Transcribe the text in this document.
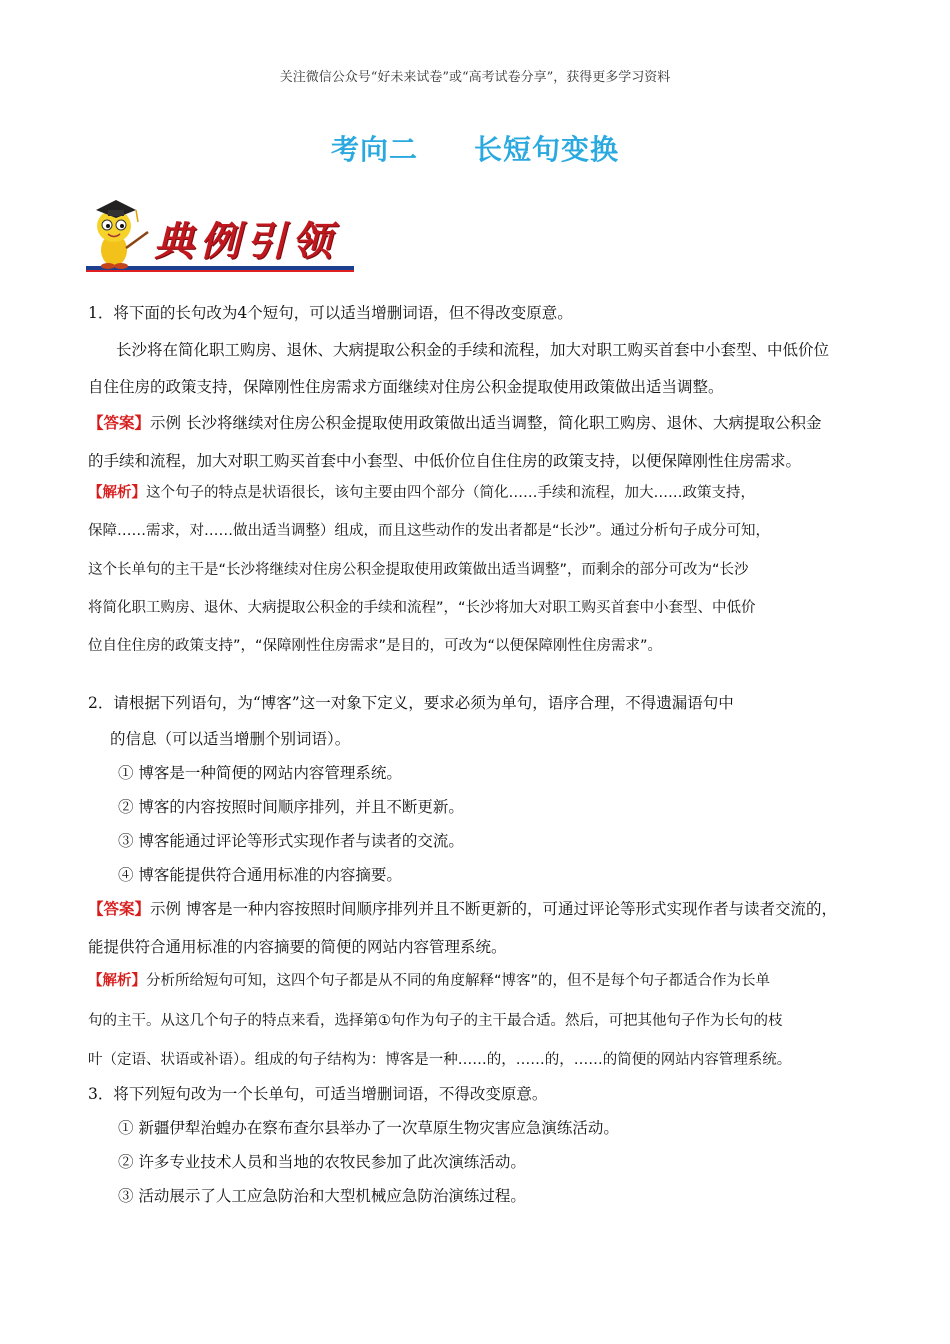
关注微信公众号“好未来试卷”或“高考试卷分享”，获得更多学习资料
考向二 长短句变换
典例引领
1．将下面的长句改为4个短句，可以适当增删词语，但不得改变原意。
长沙将在简化职工购房、退休、大病提取公积金的手续和流程，加大对职工购买首套中小套型、中低价位
自住住房的政策支持，保障刚性住房需求方面继续对住房公积金提取使用政策做出适当调整。
【答案】示例 长沙将继续对住房公积金提取使用政策做出适当调整，简化职工购房、退休、大病提取公积金
的手续和流程，加大对职工购买首套中小套型、中低价位自住住房的政策支持，以便保障刚性住房需求。
【解析】这个句子的特点是状语很长，该句主要由四个部分（简化……手续和流程，加大……政策支持，
保障……需求，对……做出适当调整）组成，而且这些动作的发出者都是“长沙”。通过分析句子成分可知，
这个长单句的主干是“长沙将继续对住房公积金提取使用政策做出适当调整”，而剩余的部分可改为“长沙
将简化职工购房、退休、大病提取公积金的手续和流程”，“长沙将加大对职工购买首套中小套型、中低价
位自住住房的政策支持”，“保障刚性住房需求”是目的，可改为“以便保障刚性住房需求”。
2．请根据下列语句，为“博客”这一对象下定义，要求必须为单句，语序合理，不得遗漏语句中
的信息（可以适当增删个别词语）。
① 博客是一种简便的网站内容管理系统。
② 博客的内容按照时间顺序排列，并且不断更新。
③ 博客能通过评论等形式实现作者与读者的交流。
④ 博客能提供符合通用标准的内容摘要。
【答案】示例 博客是一种内容按照时间顺序排列并且不断更新的，可通过评论等形式实现作者与读者交流的，
能提供符合通用标准的内容摘要的简便的网站内容管理系统。
【解析】分析所给短句可知，这四个句子都是从不同的角度解释“博客”的，但不是每个句子都适合作为长单
句的主干。从这几个句子的特点来看，选择第①句作为句子的主干最合适。然后，可把其他句子作为长句的枝
叶（定语、状语或补语）。组成的句子结构为：博客是一种……的，……的，……的简便的网站内容管理系统。
3．将下列短句改为一个长单句，可适当增删词语，不得改变原意。
① 新疆伊犁治蝗办在察布查尔县举办了一次草原生物灾害应急演练活动。
② 许多专业技术人员和当地的农牧民参加了此次演练活动。
③ 活动展示了人工应急防治和大型机械应急防治演练过程。
